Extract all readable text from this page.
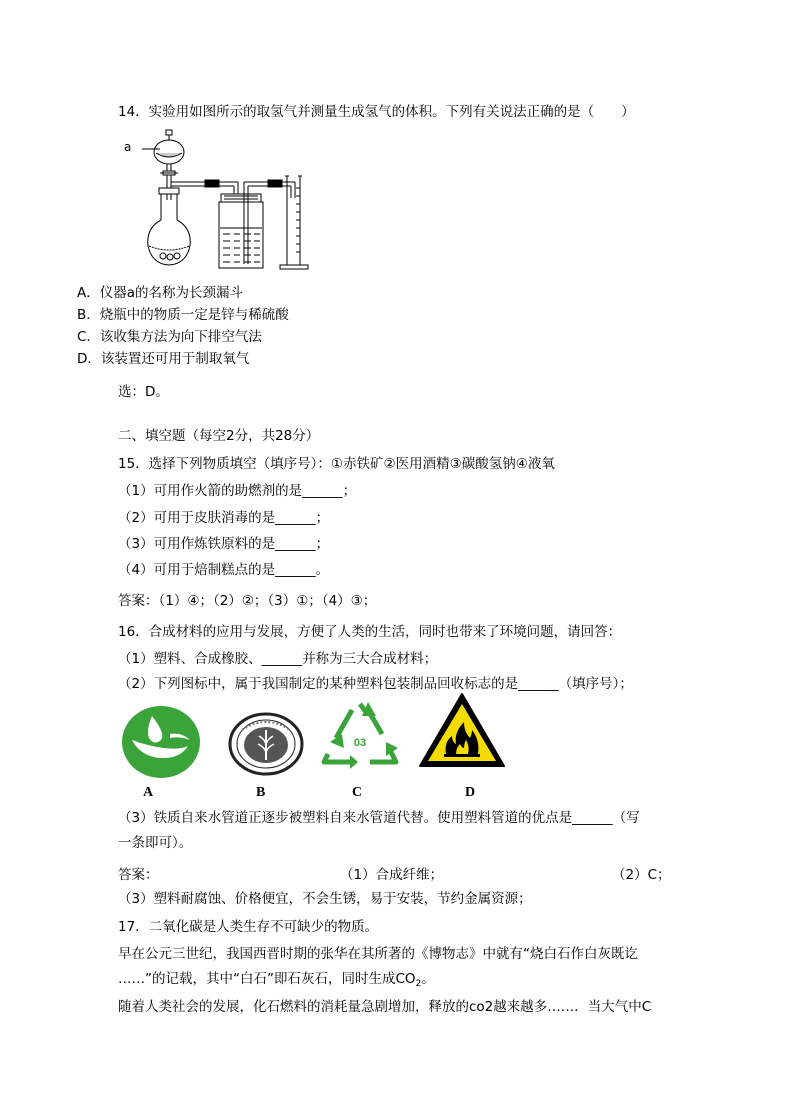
14．实验用如图所示的取氢气并测量生成氢气的体积。下列有关说法正确的是（　　）
a
A．仪器a的名称为长颈漏斗
B．烧瓶中的物质一定是锌与稀硫酸
C．该收集方法为向下排空气法
D．该装置还可用于制取氧气
选：D。
二、填空题（每空2分，共28分）
15．选择下列物质填空（填序号）：①赤铁矿②医用酒精③碳酸氢钠④液氧
（1）可用作火箭的助燃剂的是______；
（2）可用于皮肤消毒的是______；
（3）可用作炼铁原料的是______；
（4）可用于焙制糕点的是______。
答案：（1）④；（2）②；（3）①；（4）③；
16．合成材料的应用与发展，方便了人类的生活，同时也带来了环境问题，请回答：
（1）塑料、合成橡胶、______并称为三大合成材料；
（2）下列图标中，属于我国制定的某种塑料包装制品回收标志的是______（填序号）；
03
A	B	C	D
（3）铁质自来水管道正逐步被塑料自来水管道代替。使用塑料管道的优点是______（写
一条即可）。
答案：	（1）合成纤维；	（2）C；
（3）塑料耐腐蚀、价格便宜，不会生锈，易于安装，节约金属资源；
17．二氧化碳是人类生存不可缺少的物质。
早在公元三世纪，我国西晋时期的张华在其所著的《博物志》中就有“烧白石作白灰既讫
……”的记载，其中“白石”即石灰石，同时生成$CO_2$。
随着人类社会的发展，化石燃料的消耗量急剧增加，释放的co2越来越多……．当大气中C
